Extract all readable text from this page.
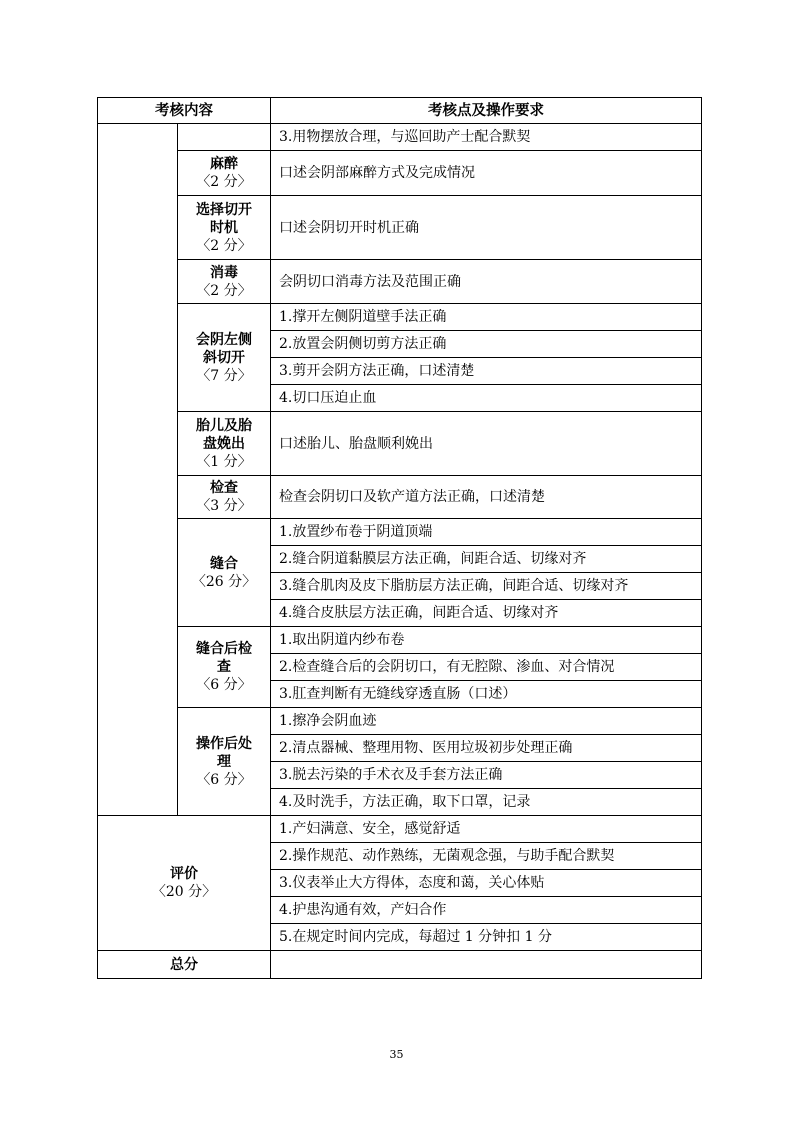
考核内容		考核点及操作要求
		3.用物摆放合理，与巡回助产士配合默契

	麻醉
〈2 分〉	口述会阴部麻醉方式及完成情况

	选择切开
时机
〈2 分〉	口述会阴切开时机正确

	消毒
〈2 分〉	会阴切口消毒方法及范围正确

	会阴左侧
斜切开
〈7 分〉	1.撑开左侧阴道壁手法正确
		2.放置会阴侧切剪方法正确
		3.剪开会阴方法正确，口述清楚
		4.切口压迫止血

	胎儿及胎
盘娩出
〈1 分〉	口述胎儿、胎盘顺利娩出

	检查
〈3 分〉	检查会阴切口及软产道方法正确，口述清楚

	缝合
〈26 分〉	1.放置纱布卷于阴道顶端
		2.缝合阴道黏膜层方法正确，间距合适、切缘对齐
		3.缝合肌肉及皮下脂肪层方法正确，间距合适、切缘对齐
		4.缝合皮肤层方法正确，间距合适、切缘对齐

	缝合后检
查
〈6 分〉	1.取出阴道内纱布卷
		2.检查缝合后的会阴切口，有无腔隙、渗血、对合情况
		3.肛查判断有无缝线穿透直肠（口述）

	操作后处
理
〈6 分〉	1.擦净会阴血迹
		2.清点器械、整理用物、医用垃圾初步处理正确
		3.脱去污染的手术衣及手套方法正确
		4.及时洗手，方法正确，取下口罩，记录

评价
〈20 分〉		1.产妇满意、安全，感觉舒适
		2.操作规范、动作熟练，无菌观念强，与助手配合默契
		3.仪表举止大方得体，态度和蔼，关心体贴
		4.护患沟通有效，产妇合作
		5.在规定时间内完成，每超过 1 分钟扣 1 分
总分		
35
